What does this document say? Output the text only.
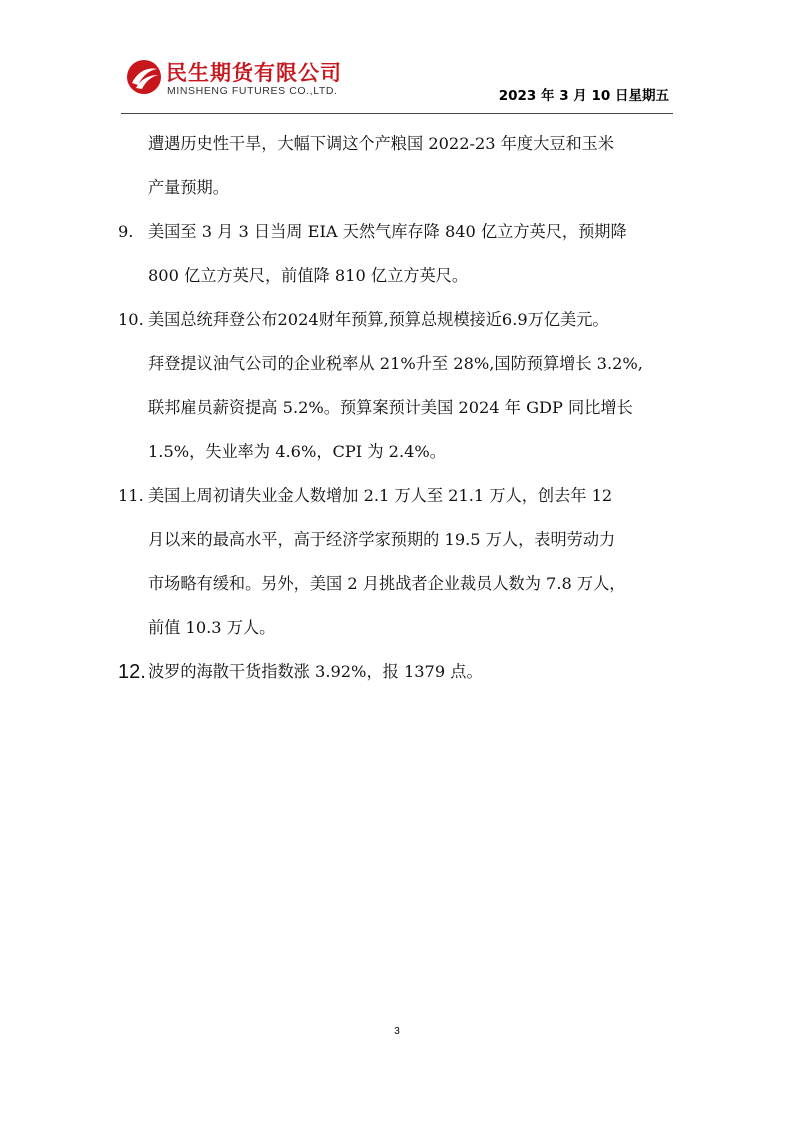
民生期货有限公司
MINSHENG FUTURES CO.,LTD.	2023 年 3 月 10 日星期五
遭遇历史性干旱，大幅下调这个产粮国 2022-23 年度大豆和玉米
产量预期。
9. 美国至 3 月 3 日当周 EIA 天然气库存降 840 亿立方英尺，预期降
800 亿立方英尺，前值降 810 亿立方英尺。
10. 美国总统拜登公布2024财年预算,预算总规模接近6.9万亿美元。
拜登提议油气公司的企业税率从 21%升至 28%,国防预算增长 3.2%,
联邦雇员薪资提高 5.2%。预算案预计美国 2024 年 GDP 同比增长
1.5%，失业率为 4.6%，CPI 为 2.4%。
11. 美国上周初请失业金人数增加 2.1 万人至 21.1 万人，创去年 12
月以来的最高水平，高于经济学家预期的 19.5 万人，表明劳动力
市场略有缓和。另外，美国 2 月挑战者企业裁员人数为 7.8 万人，
前值 10.3 万人。
12. 波罗的海散干货指数涨 3.92%，报 1379 点。
3
